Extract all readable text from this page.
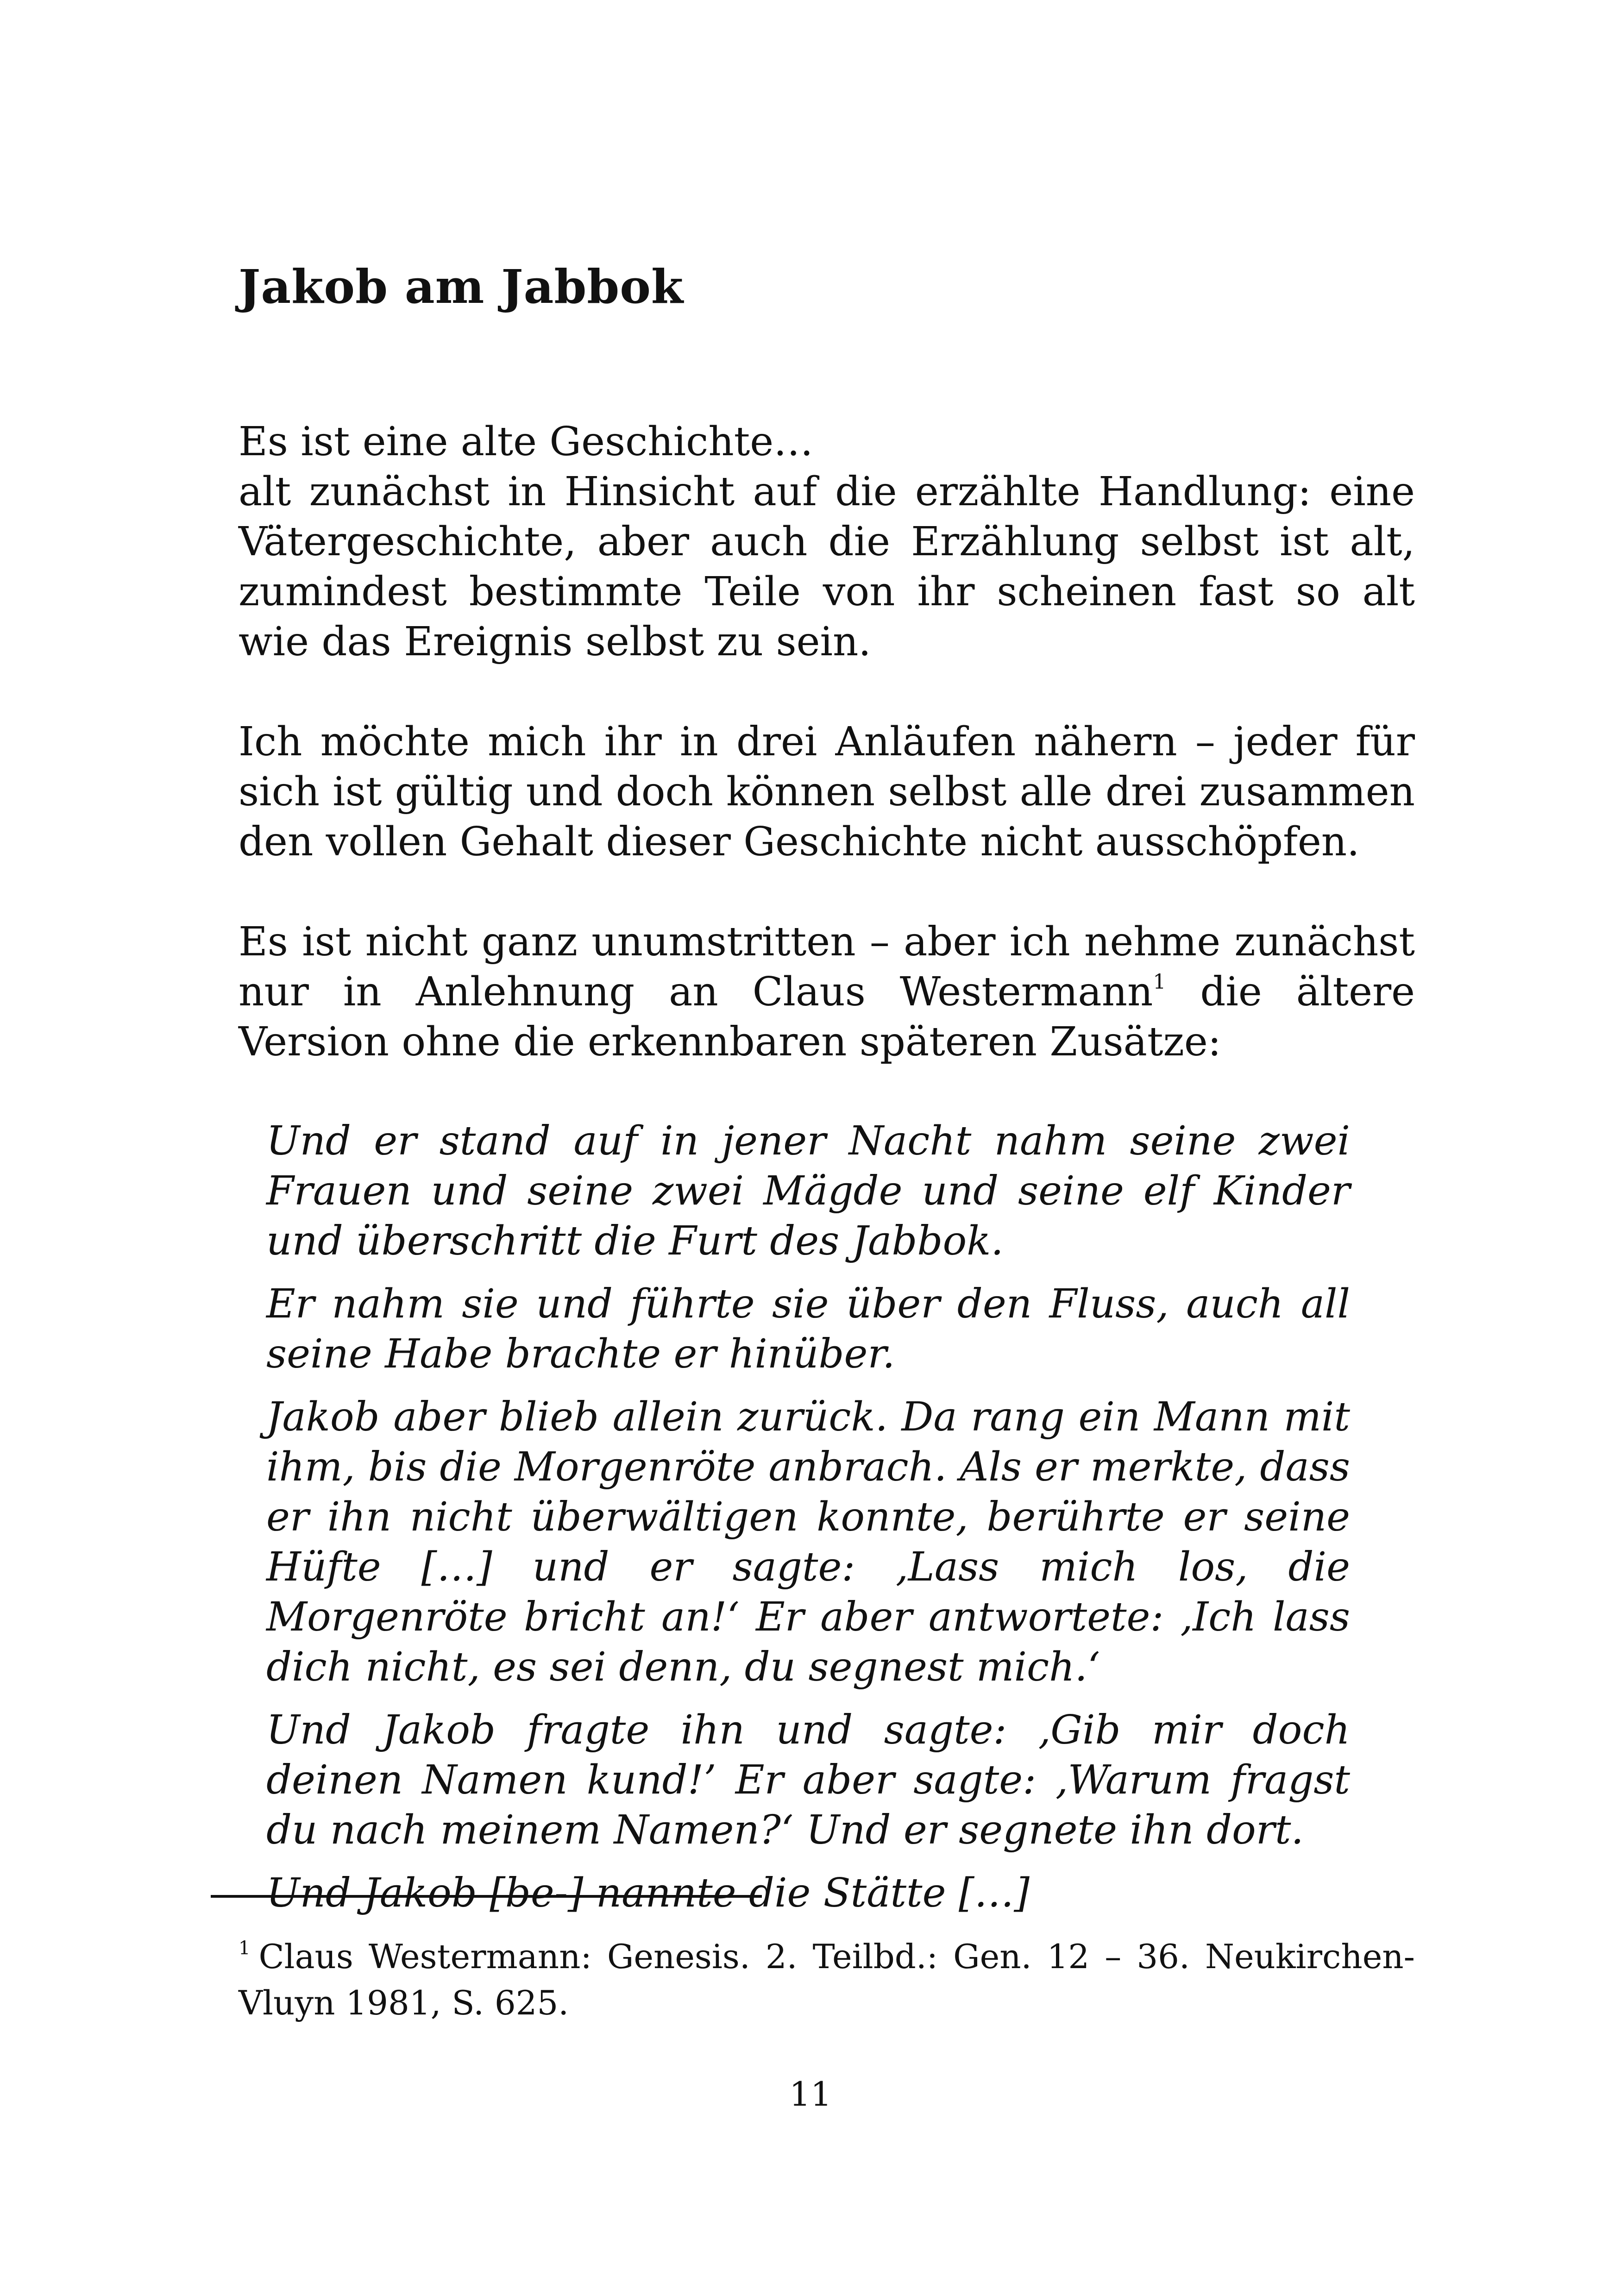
Jakob am Jabbok

Es ist eine alte Geschichte…

alt zunächst in Hinsicht auf die erzählte Handlung: eine Vätergeschichte, aber auch die Erzählung selbst ist alt, zumindest bestimmte Teile von ihr scheinen fast so alt wie das Ereignis selbst zu sein.

Ich möchte mich ihr in drei Anläufen nähern – jeder für sich ist gültig und doch können selbst alle drei zusammen den vollen Gehalt dieser Geschichte nicht ausschöpfen.

Es ist nicht ganz unumstritten – aber ich nehme zunächst nur in Anlehnung an Claus Westermann$^1$ die ältere Version ohne die erkennbaren späteren Zusätze:

Und er stand auf in jener Nacht nahm seine zwei Frauen und seine zwei Mägde und seine elf Kinder und überschritt die Furt des Jabbok.

Er nahm sie und führte sie über den Fluss, auch all seine Habe brachte er hinüber.

Jakob aber blieb allein zurück. Da rang ein Mann mit ihm, bis die Morgenröte anbrach. Als er merkte, dass er ihn nicht überwältigen konnte, berührte er seine Hüfte […] und er sagte: ‚Lass mich los, die Morgenröte bricht an!‘ Er aber antwortete: ‚Ich lass dich nicht, es sei denn, du segnest mich.‘

Und Jakob fragte ihn und sagte: ‚Gib mir doch deinen Namen kund!’ Er aber sagte: ‚Warum fragst du nach meinem Namen?‘ Und er segnete ihn dort.

Und Jakob [be-] nannte die Stätte […]

$^1$ Claus Westermann: Genesis. 2. Teilbd.: Gen. 12 – 36. Neukirchen-Vluyn 1981, S. 625.
11
